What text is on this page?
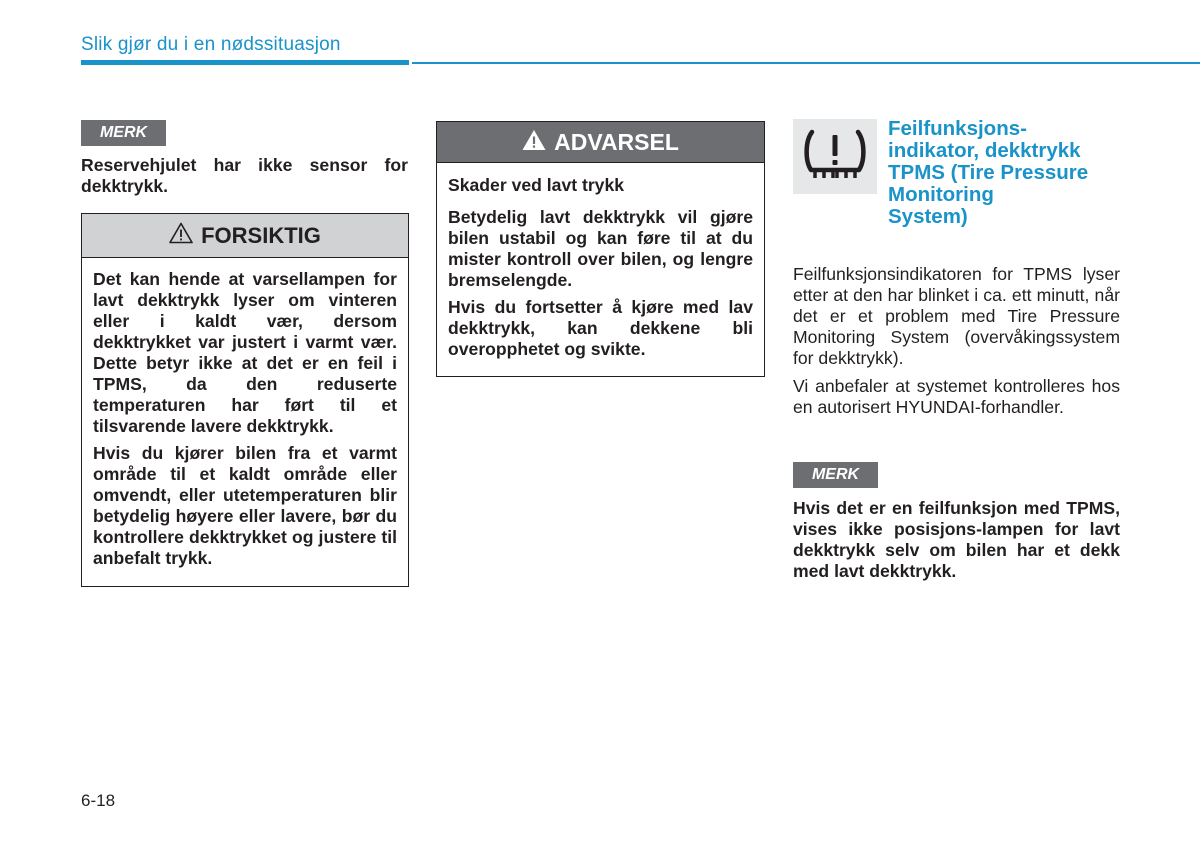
Slik gjør du i en nødssituasjon
MERK

Reservehjulet har ikke sensor for dekktrykk.

FORSIKTIG

Det kan hende at varsellampen for lavt dekktrykk lyser om vinteren eller i kaldt vær, dersom dekktrykket var justert i varmt vær. Dette betyr ikke at det er en feil i TPMS, da den reduserte temperaturen har ført til et tilsvarende lavere dekktrykk.

Hvis du kjører bilen fra et varmt område til et kaldt område eller omvendt, eller utetemperaturen blir betydelig høyere eller lavere, bør du kontrollere dekktrykket og justere til anbefalt trykk.

ADVARSEL

Skader ved lavt trykk

Betydelig lavt dekktrykk vil gjøre bilen ustabil og kan føre til at du mister kontroll over bilen, og lengre bremselengde.

Hvis du fortsetter å kjøre med lav dekktrykk, kan dekkene bli overopphetet og svikte.

Feilfunksjons-
indikator, dekktrykk
TPMS (Tire Pressure
Monitoring
System)

Feilfunksjonsindikatoren for TPMS lyser etter at den har blinket i ca. ett minutt, når det er et problem med Tire Pressure Monitoring System (overvåkingssystem for dekktrykk).

Vi anbefaler at systemet kontrolleres hos en autorisert HYUNDAI-forhandler.

MERK

Hvis det er en feilfunksjon med TPMS, vises ikke posisjons-lampen for lavt dekktrykk selv om bilen har et dekk med lavt dekktrykk.

6-18
